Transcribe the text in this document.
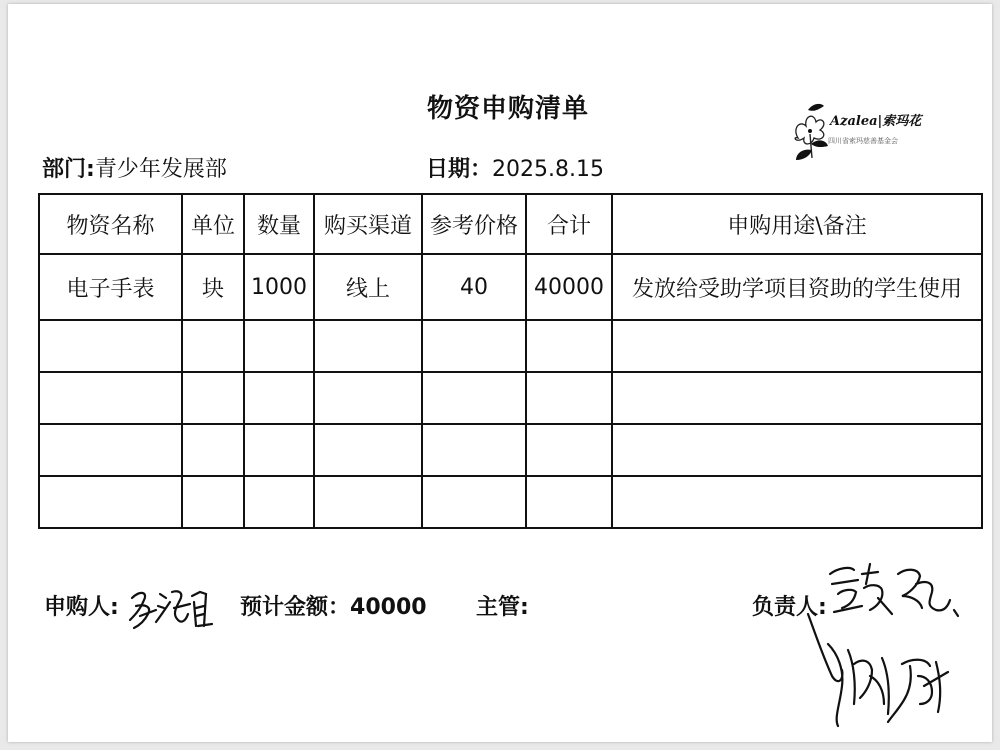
物资申购清单	Azalea|索玛花
四川省索玛慈善基金会
部门:青少年发展部	日期：2025.8.15
物资名称	单位	数量	购买渠道	参考价格	合计	申购用途\备注
电子手表	块	1000	线上	40	40000	发放给受助学项目资助的学生使用

申购人:	预计金额：40000 主管:	负责人:
